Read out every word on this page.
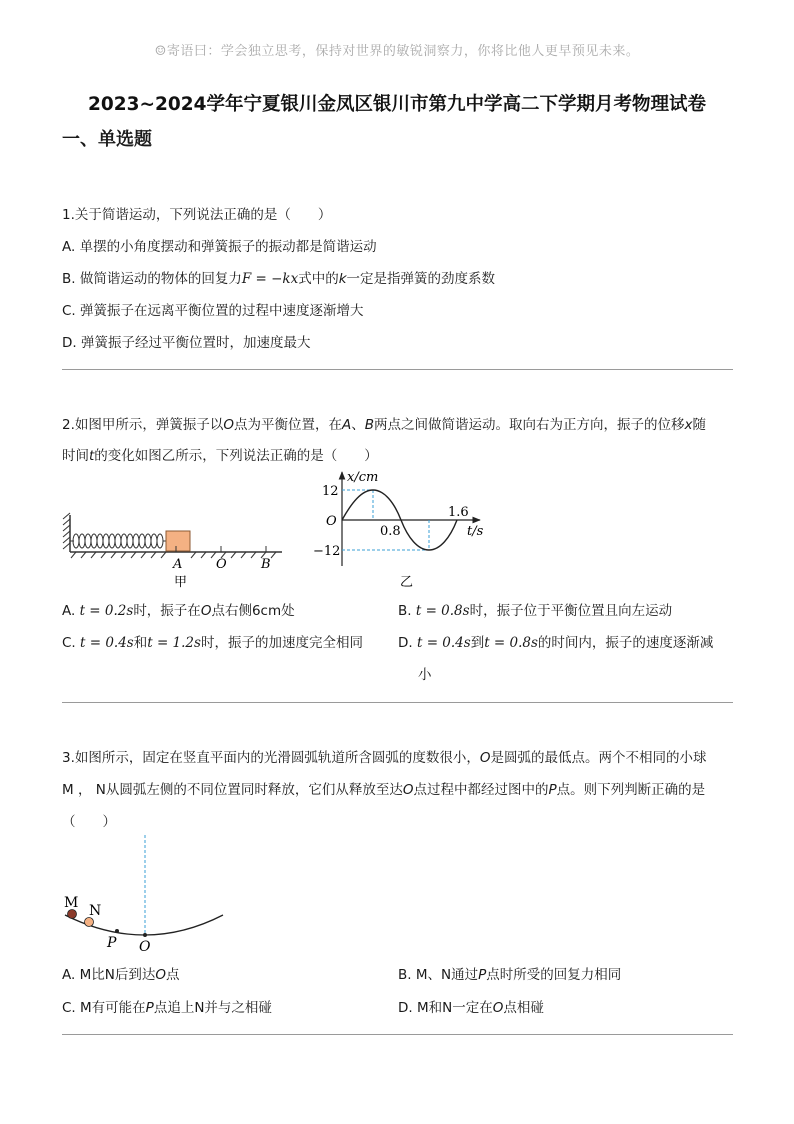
☺寄语曰：学会独立思考，保持对世界的敏锐洞察力，你将比他人更早预见未来。
2023~2024学年宁夏银川金凤区银川市第九中学高二下学期月考物理试卷
一、单选题
1.关于简谐运动，下列说法正确的是（　　）
A. 单摆的小角度摆动和弹簧振子的振动都是简谐运动
B. 做简谐运动的物体的回复力F = −kx式中的k一定是指弹簧的劲度系数
C. 弹簧振子在远离平衡位置的过程中速度逐渐增大
D. 弹簧振子经过平衡位置时，加速度最大
2.如图甲所示，弹簧振子以O点为平衡位置，在A、B两点之间做简谐运动。取向右为正方向，振子的位移x随
时间t的变化如图乙所示，下列说法正确的是（　　）
A	O	B
甲
x/cm
t/s
O
12
−12
0.8
1.6
乙
A. t = 0.2s时，振子在O点右侧6cm处	B. t = 0.8s时，振子位于平衡位置且向左运动
C. t = 0.4s和t = 1.2s时，振子的加速度完全相同	D. t = 0.4s到t = 0.8s的时间内，振子的速度逐渐减
小
3.如图所示，固定在竖直平面内的光滑圆弧轨道所含圆弧的度数很小，O是圆弧的最低点。两个不相同的小球
M ， N从圆弧左侧的不同位置同时释放，它们从释放至达O点过程中都经过图中的P点。则下列判断正确的是
（　　）
M N
P O
A. M比N后到达O点	B. M、N通过P点时所受的回复力相同
C. M有可能在P点追上N并与之相碰	D. M和N一定在O点相碰
